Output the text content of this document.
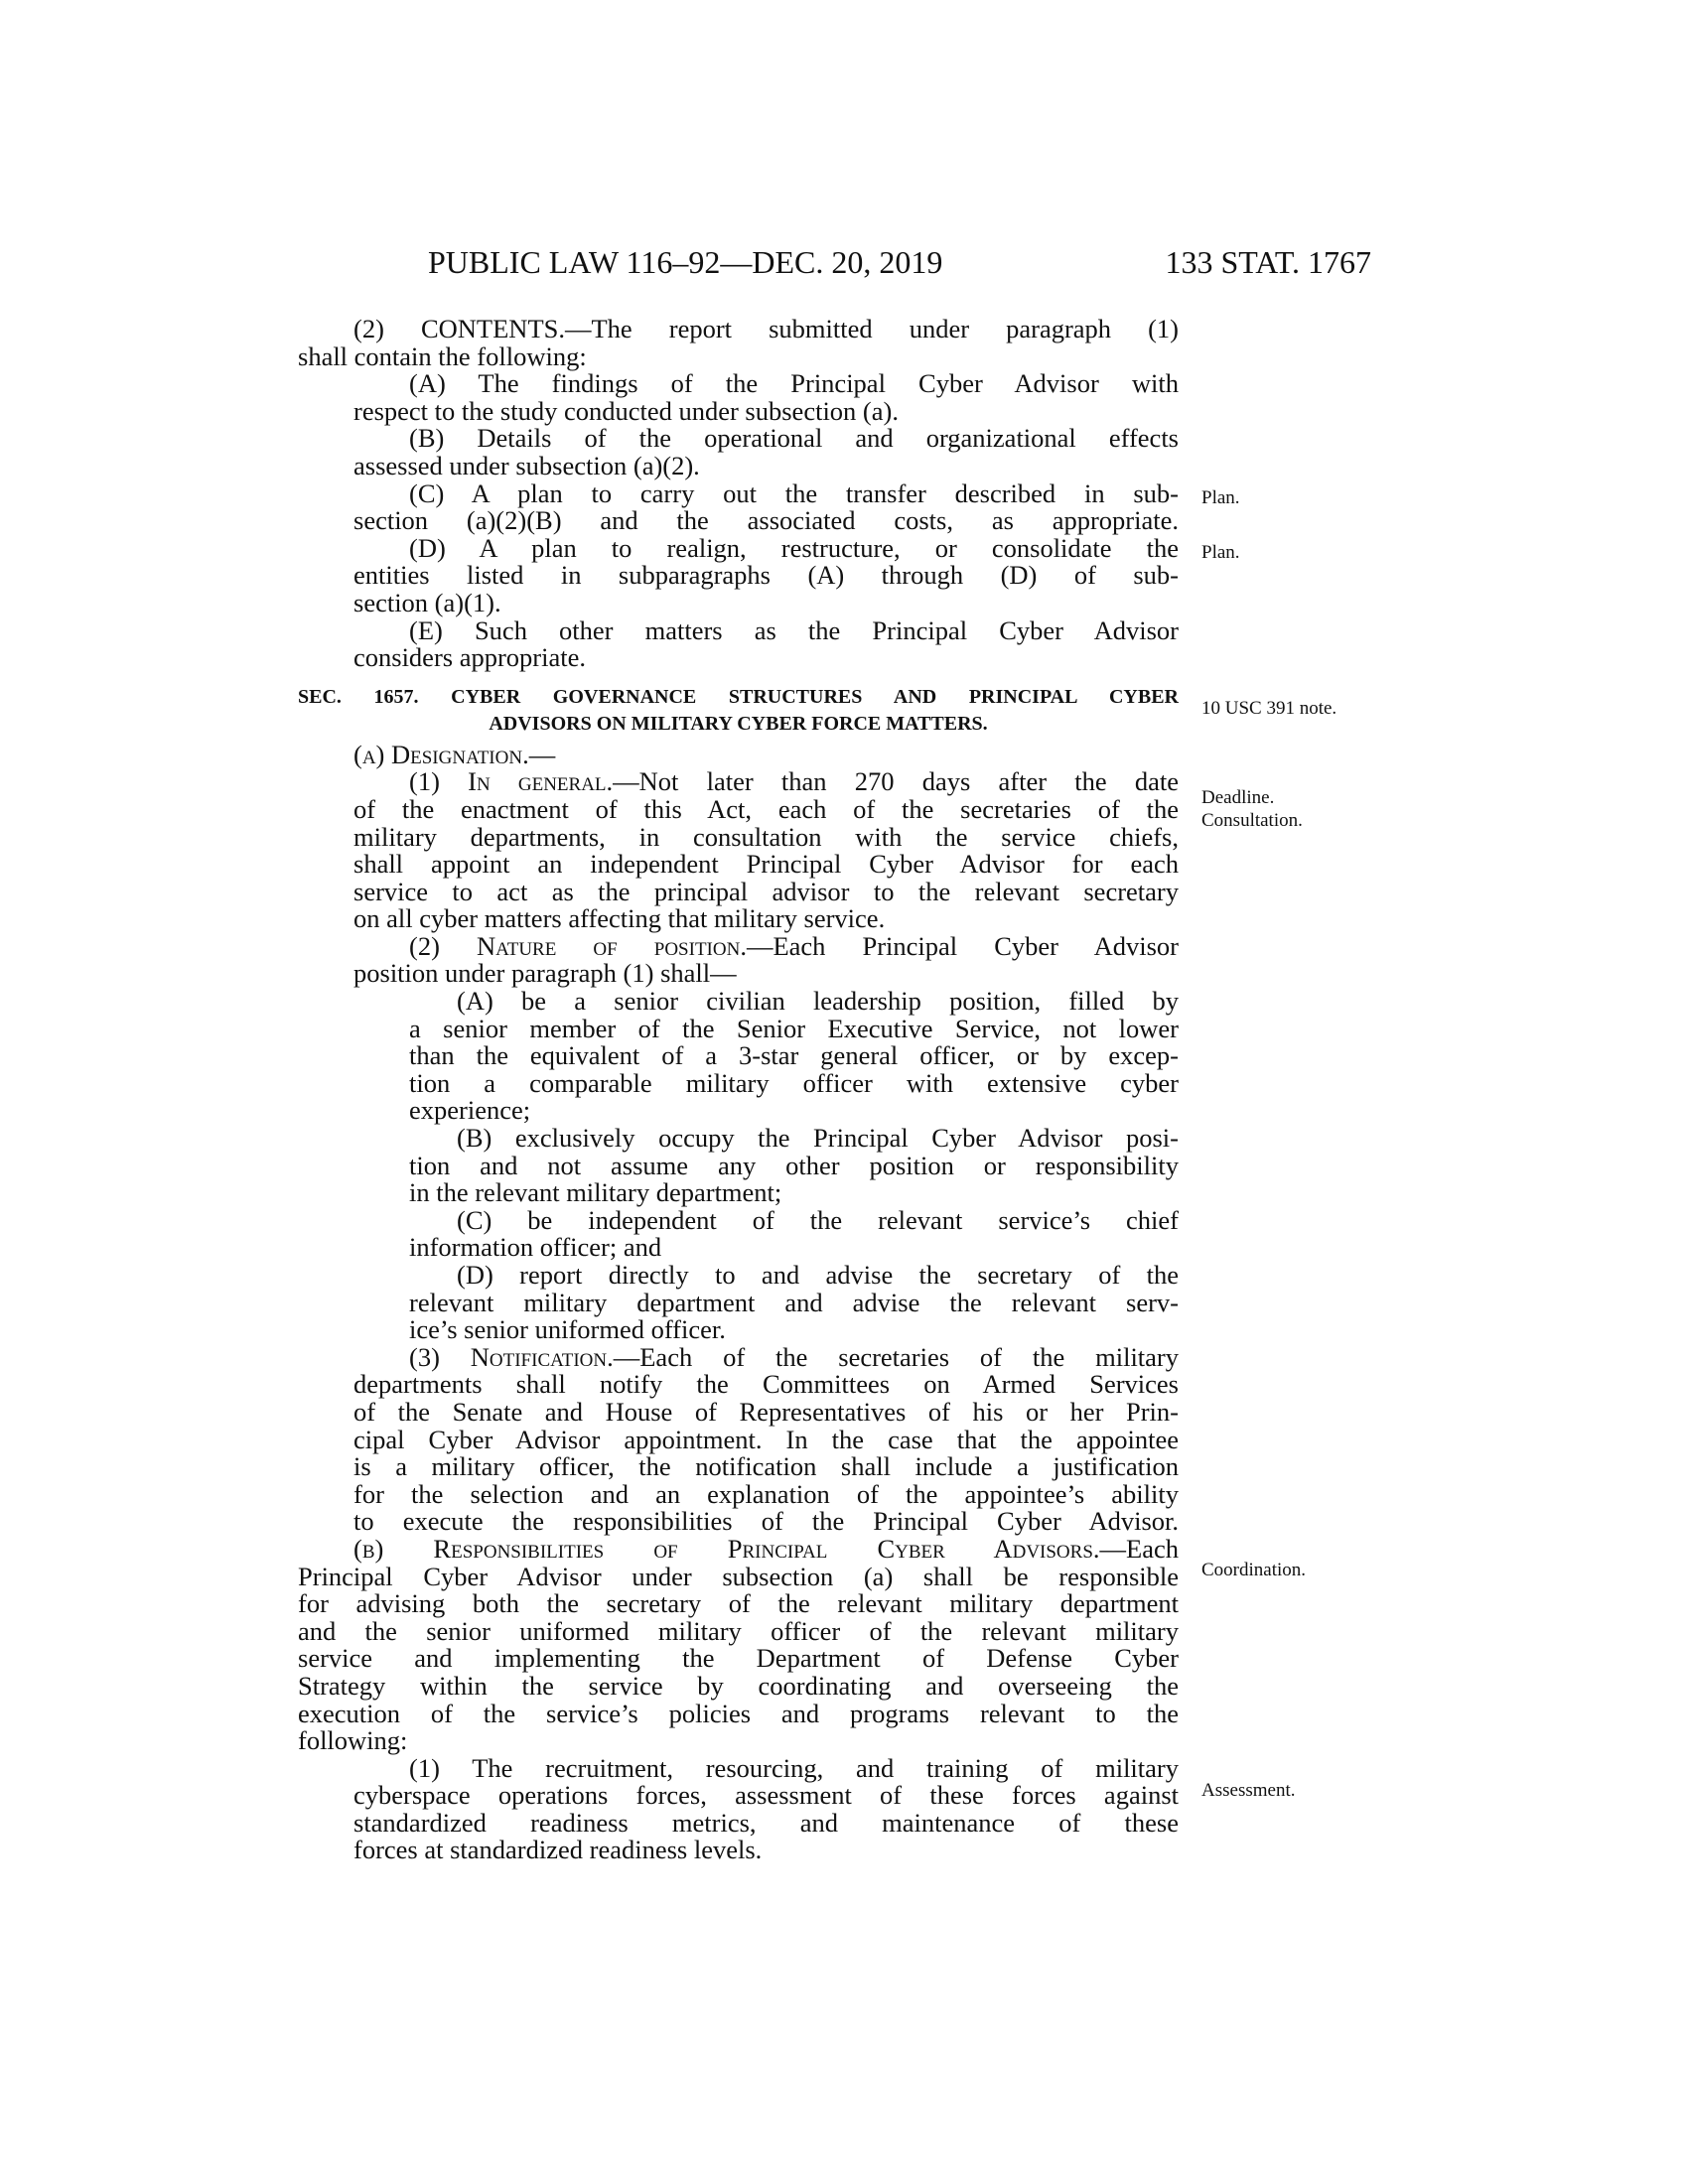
PUBLIC LAW 116–92—DEC. 20, 2019	133 STAT. 1767
(2) CONTENTS.—The report submitted under paragraph (1)
shall contain the following:
(A) The findings of the Principal Cyber Advisor with
respect to the study conducted under subsection (a).
(B) Details of the operational and organizational effects
assessed under subsection (a)(2).
(C) A plan to carry out the transfer described in sub-
section (a)(2)(B) and the associated costs, as appropriate.
(D) A plan to realign, restructure, or consolidate the
entities listed in subparagraphs (A) through (D) of sub-
section (a)(1).
(E) Such other matters as the Principal Cyber Advisor
considers appropriate.
SEC. 1657. CYBER GOVERNANCE STRUCTURES AND PRINCIPAL CYBER
ADVISORS ON MILITARY CYBER FORCE MATTERS.
(a) Designation.—
(1) In general.—Not later than 270 days after the date
of the enactment of this Act, each of the secretaries of the
military departments, in consultation with the service chiefs,
shall appoint an independent Principal Cyber Advisor for each
service to act as the principal advisor to the relevant secretary
on all cyber matters affecting that military service.
(2) Nature of position.—Each Principal Cyber Advisor
position under paragraph (1) shall—
(A) be a senior civilian leadership position, filled by
a senior member of the Senior Executive Service, not lower
than the equivalent of a 3-star general officer, or by excep-
tion a comparable military officer with extensive cyber
experience;
(B) exclusively occupy the Principal Cyber Advisor posi-
tion and not assume any other position or responsibility
in the relevant military department;
(C) be independent of the relevant service’s chief
information officer; and
(D) report directly to and advise the secretary of the
relevant military department and advise the relevant serv-
ice’s senior uniformed officer.
(3) Notification.—Each of the secretaries of the military
departments shall notify the Committees on Armed Services
of the Senate and House of Representatives of his or her Prin-
cipal Cyber Advisor appointment. In the case that the appointee
is a military officer, the notification shall include a justification
for the selection and an explanation of the appointee’s ability
to execute the responsibilities of the Principal Cyber Advisor.
(b) Responsibilities of Principal Cyber Advisors.—Each
Principal Cyber Advisor under subsection (a) shall be responsible
for advising both the secretary of the relevant military department
and the senior uniformed military officer of the relevant military
service and implementing the Department of Defense Cyber
Strategy within the service by coordinating and overseeing the
execution of the service’s policies and programs relevant to the
following:
(1) The recruitment, resourcing, and training of military
cyberspace operations forces, assessment of these forces against
standardized readiness metrics, and maintenance of these
forces at standardized readiness levels.
Plan.
Plan.
10 USC 391 note.
Deadline.
Consultation.
Coordination.
Assessment.
